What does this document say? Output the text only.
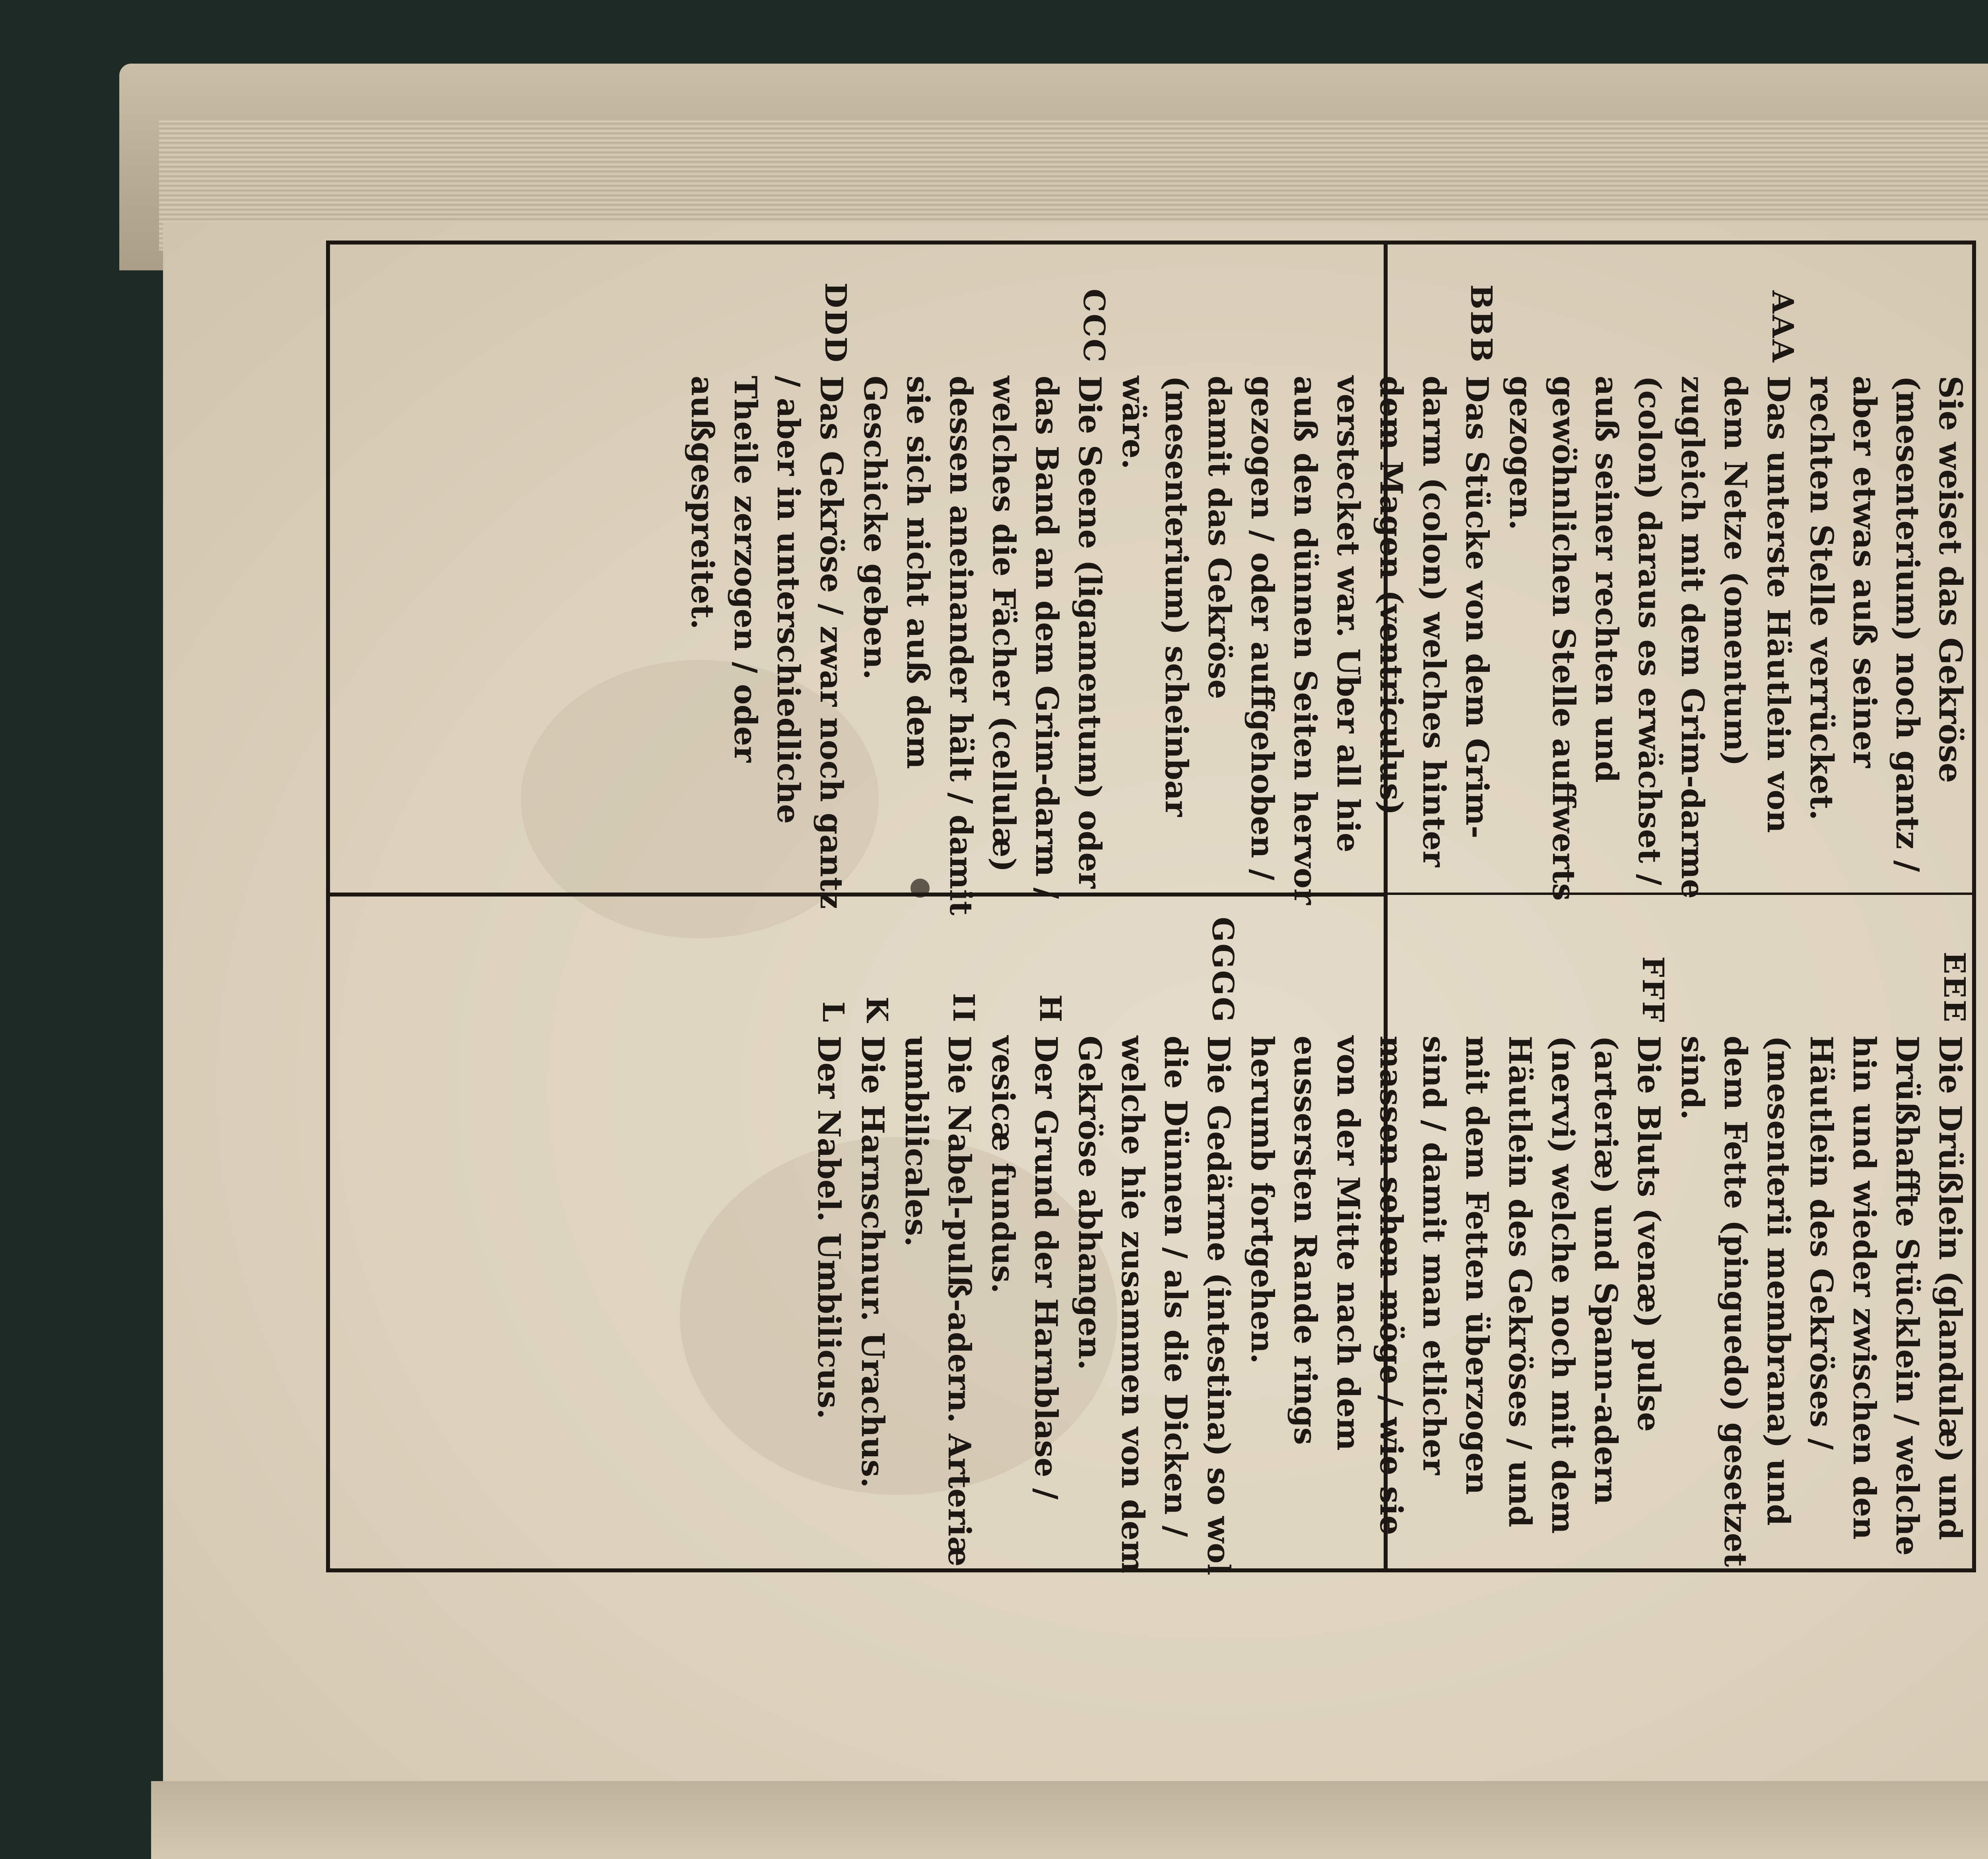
Sie weiset das Gekröse (mesenterium) noch gantz / aber etwas auß seiner rechten Stelle verrücket.
AAA
Das unterste Häutlein von dem Netze (omentum) zugleich mit dem Grim-darme (colon) daraus es erwächset / auß seiner rechten und gewöhnlichen Stelle auffwerts gezogen.
BBB
Das Stücke von dem Grim-darm (colon) welches hinter dem Magen (ventriculus) verstecket war. Uber all hie auß den dünnen Seiten hervor gezogen / oder auffgehoben / damit das Gekröse (mesenterium) scheinbar wäre.
CCC
Die Seene (ligamentum) oder das Band an dem Grim-darm / welches die Fächer (cellulæ) dessen aneinander hält / damit sie sich nicht auß dem Geschicke geben.
DDD
Das Gekröse / zwar noch gantz / aber in unterschiedliche Theile zerzogen / oder außgespreitet.
EEE
Die Drüßlein (glandulæ) und Drüßhaffte Stücklein / welche hin und wieder zwischen den Häutlein des Gekröses / (mesenterii membrana) und dem Fette (pinguedo) gesetzet sind.
FFF
Die Bluts (venæ) pulse (arteriæ) und Spann-adern (nervi) welche noch mit dem Häutlein des Gekröses / und mit dem Fetten überzogen sind / damit man etlicher massen sehen möge / wie sie von der Mitte nach dem eussersten Rande rings herumb fortgehen.
GGGG
Die Gedärme (intestina) so wol die Dünnen / als die Dicken / welche hie zusammen von dem Gekröse abhangen.
H
Der Grund der Harnblase / vesicæ fundus.
II
Die Nabel-pulß-adern. Arteriæ umbilicales.
K
Die Harnschnur. Urachus.
L
Der Nabel. Umbilicus.
